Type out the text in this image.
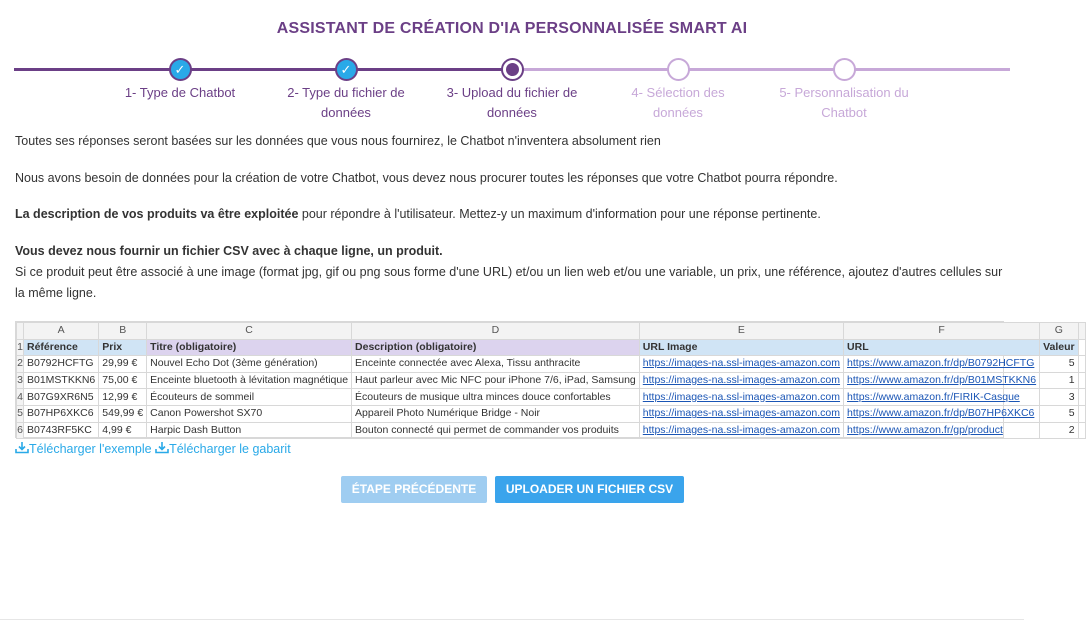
ASSISTANT DE CRÉATION D'IA PERSONNALISÉE SMART AI
✓
1- Type de Chatbot
✓
2- Type du fichier de données
3- Upload du fichier de données
4- Sélection des données
5- Personnalisation du Chatbot
Toutes ses réponses seront basées sur les données que vous nous fournirez, le Chatbot n'inventera absolument rien
Nous avons besoin de données pour la création de votre Chatbot, vous devez nous procurer toutes les réponses que votre Chatbot pourra répondre.
La description de vos produits va être exploitée pour répondre à l'utilisateur. Mettez-y un maximum d'information pour une réponse pertinente.
Vous devez nous fournir un fichier CSV avec à chaque ligne, un produit.
Si ce produit peut être associé à une image (format jpg, gif ou png sous forme d'une URL) et/ou un lien web et/ou une variable, un prix, une référence, ajoutez d'autres cellules sur la même ligne.
	A	B	C	D	E	F	G	
1	Référence	Prix	Titre (obligatoire)	Description (obligatoire)	URL Image	URL	Valeur	
2	B0792HCFTG	29,99 €	Nouvel Echo Dot (3ème génération)	Enceinte connectée avec Alexa, Tissu anthracite	https://images-na.ssl-images-amazon.com	https://www.amazon.fr/dp/B0792HCFTG	5	
3	B01MSTKKN6	75,00 €	Enceinte bluetooth à lévitation magnétique	Haut parleur avec Mic NFC pour iPhone 7/6, iPad, Samsung	https://images-na.ssl-images-amazon.com	https://www.amazon.fr/dp/B01MSTKKN6	1	
4	B07G9XR6N5	12,99 €	Écouteurs de sommeil	Écouteurs de musique ultra minces douce confortables	https://images-na.ssl-images-amazon.com	https://www.amazon.fr/FIRIK-Casque	3	
5	B07HP6XKC6	549,99 €	Canon Powershot SX70	Appareil Photo Numérique Bridge - Noir	https://images-na.ssl-images-amazon.com	https://www.amazon.fr/dp/B07HP6XKC6	5	
6	B0743RF5KC	4,99 €	Harpic Dash Button	Bouton connecté qui permet de commander vos produits	https://images-na.ssl-images-amazon.com	https://www.amazon.fr/gp/product	2	
Télécharger l'exemple Télécharger le gabarit
ÉTAPE PRÉCÉDENTE	UPLOADER UN FICHIER CSV
